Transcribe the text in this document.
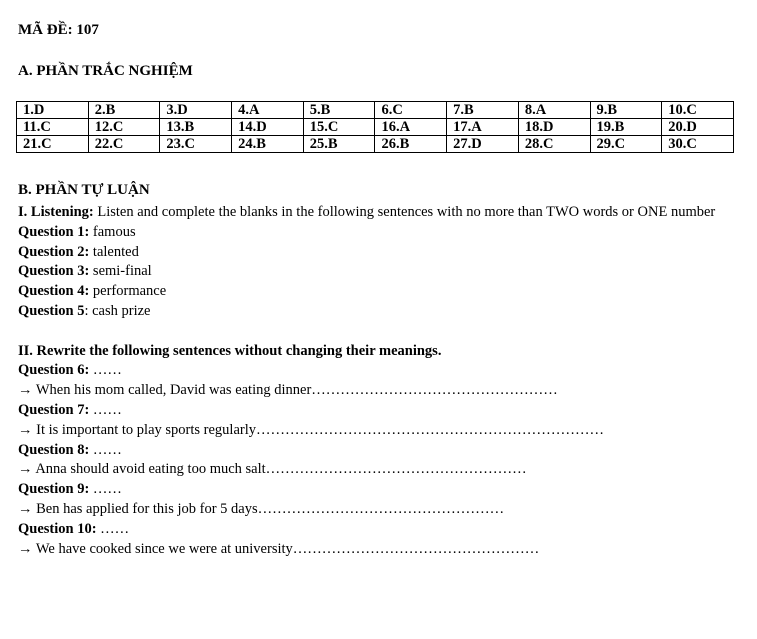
MÃ ĐỀ: 107
A. PHẦN TRẮC NGHIỆM
1.D	2.B	3.D	4.A	5.B	6.C	7.B	8.A	9.B	10.C
11.C	12.C	13.B	14.D	15.C	16.A	17.A	18.D	19.B	20.D
21.C	22.C	23.C	24.B	25.B	26.B	27.D	28.C	29.C	30.C
B. PHẦN TỰ LUẬN

I. Listening: Listen and complete the blanks in the following sentences with no more than TWO words or ONE number

Question 1: famous

Question 2: talented

Question 3: semi-final

Question 4: performance

Question 5: cash prize

II. Rewrite the following sentences without changing their meanings.

Question 6: ……

→ When his mom called, David was eating dinner……………………………………………

Question 7: ……

→ It is important to play sports regularly………………………………………………………………

Question 8: ……

→ Anna should avoid eating too much salt………………………………………………

Question 9: ……

→ Ben has applied for this job for 5 days……………………………………………

Question 10: ……

→ We have cooked since we were at university……………………………………………
